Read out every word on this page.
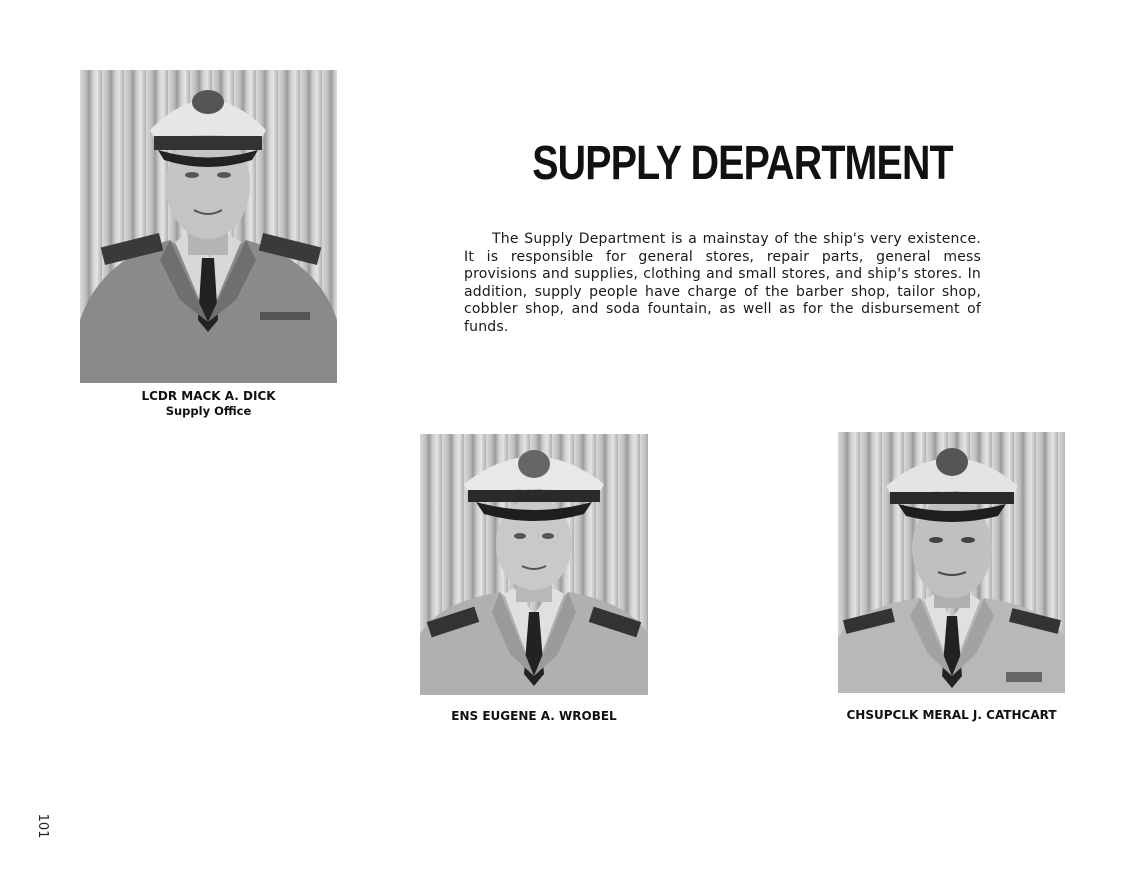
SUPPLY DEPARTMENT

The Supply Department is a mainstay of the ship's very existence. It is responsible for general stores, repair parts, general mess provisions and supplies, clothing and small stores, and ship's stores. In addition, supply people have charge of the barber shop, tailor shop, cobbler shop, and soda fountain, as well as for the disbursement of funds.

LCDR MACK A. DICK
Supply Office
ENS EUGENE A. WROBEL	CHSUPCLK MERAL J. CATHCART
101
